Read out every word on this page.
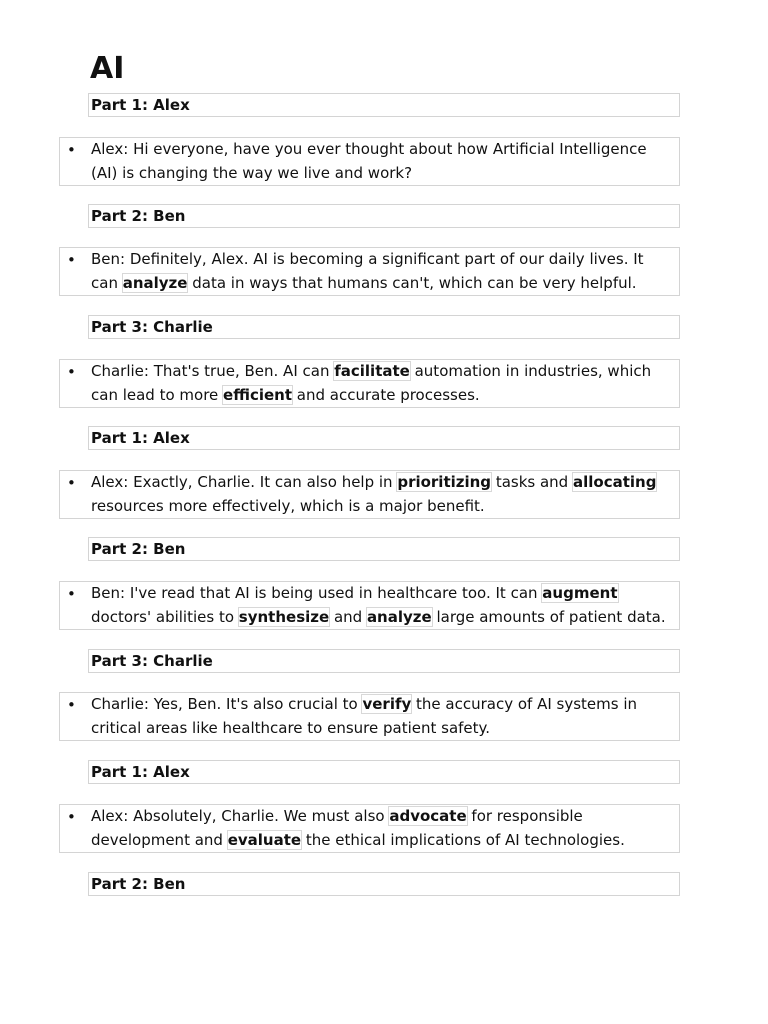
AI
Part 1: Alex
• Alex: Hi everyone, have you ever thought about how Artificial Intelligence (AI) is changing the way we live and work?
Part 2: Ben
• Ben: Definitely, Alex. AI is becoming a significant part of our daily lives. It can analyze data in ways that humans can't, which can be very helpful.
Part 3: Charlie
• Charlie: That's true, Ben. AI can facilitate automation in industries, which can lead to more efficient and accurate processes.
Part 1: Alex
• Alex: Exactly, Charlie. It can also help in prioritizing tasks and allocating resources more effectively, which is a major benefit.
Part 2: Ben
• Ben: I've read that AI is being used in healthcare too. It can augment doctors' abilities to synthesize and analyze large amounts of patient data.
Part 3: Charlie
• Charlie: Yes, Ben. It's also crucial to verify the accuracy of AI systems in critical areas like healthcare to ensure patient safety.
Part 1: Alex
• Alex: Absolutely, Charlie. We must also advocate for responsible development and evaluate the ethical implications of AI technologies.
Part 2: Ben
